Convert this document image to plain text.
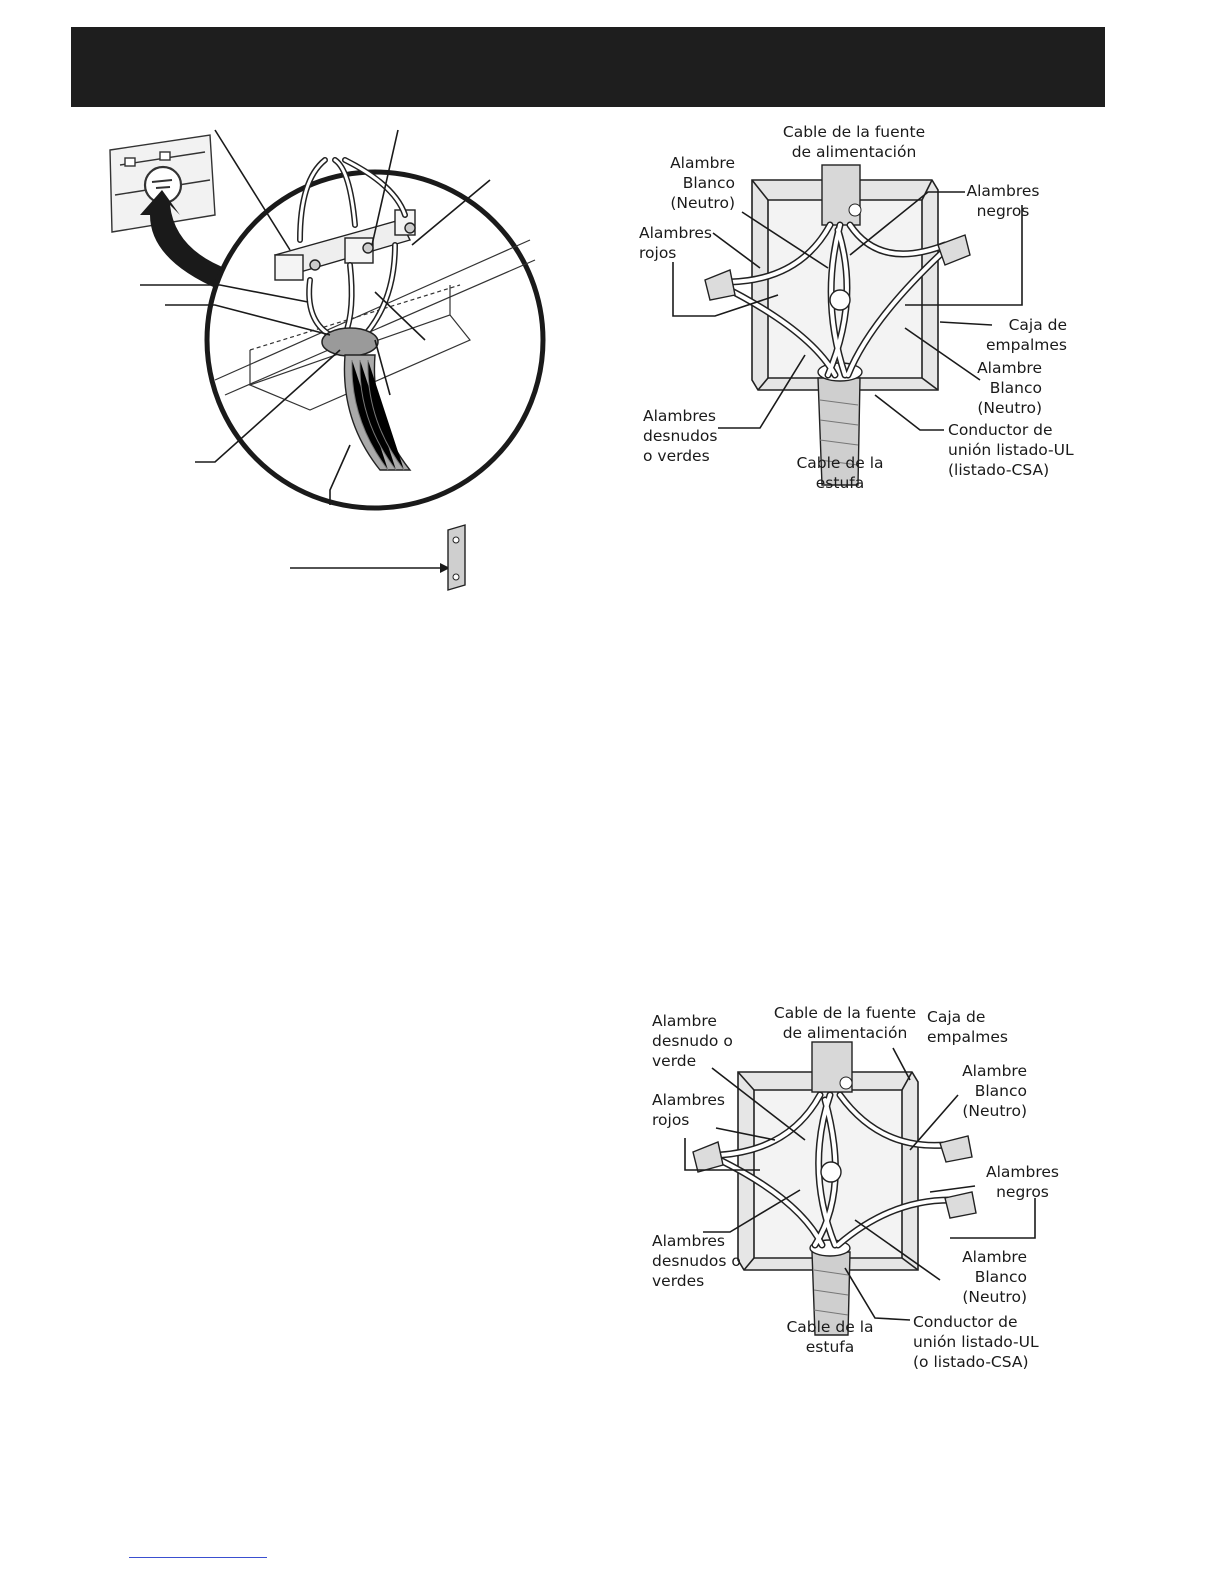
Cable de la fuente
de alimentación
Alambre
Blanco
(Neutro)
Alambres
negros
Alambres
rojos
Caja de
empalmes
Alambre
Blanco
(Neutro)
Conductor de
unión listado-UL
(listado-CSA)
Alambres
desnudos
o verdes	Cable de la
estufa
Alambre
desnudo o
verde
Cable de la fuente
de alimentación
Caja de
empalmes
Alambre
Blanco
(Neutro)
Alambres
rojos
Alambres
negros
Alambres
desnudos o
verdes
Alambre
Blanco
(Neutro)
Cable de la
estufa
Conductor de
unión listado-UL
(o listado-CSA)
